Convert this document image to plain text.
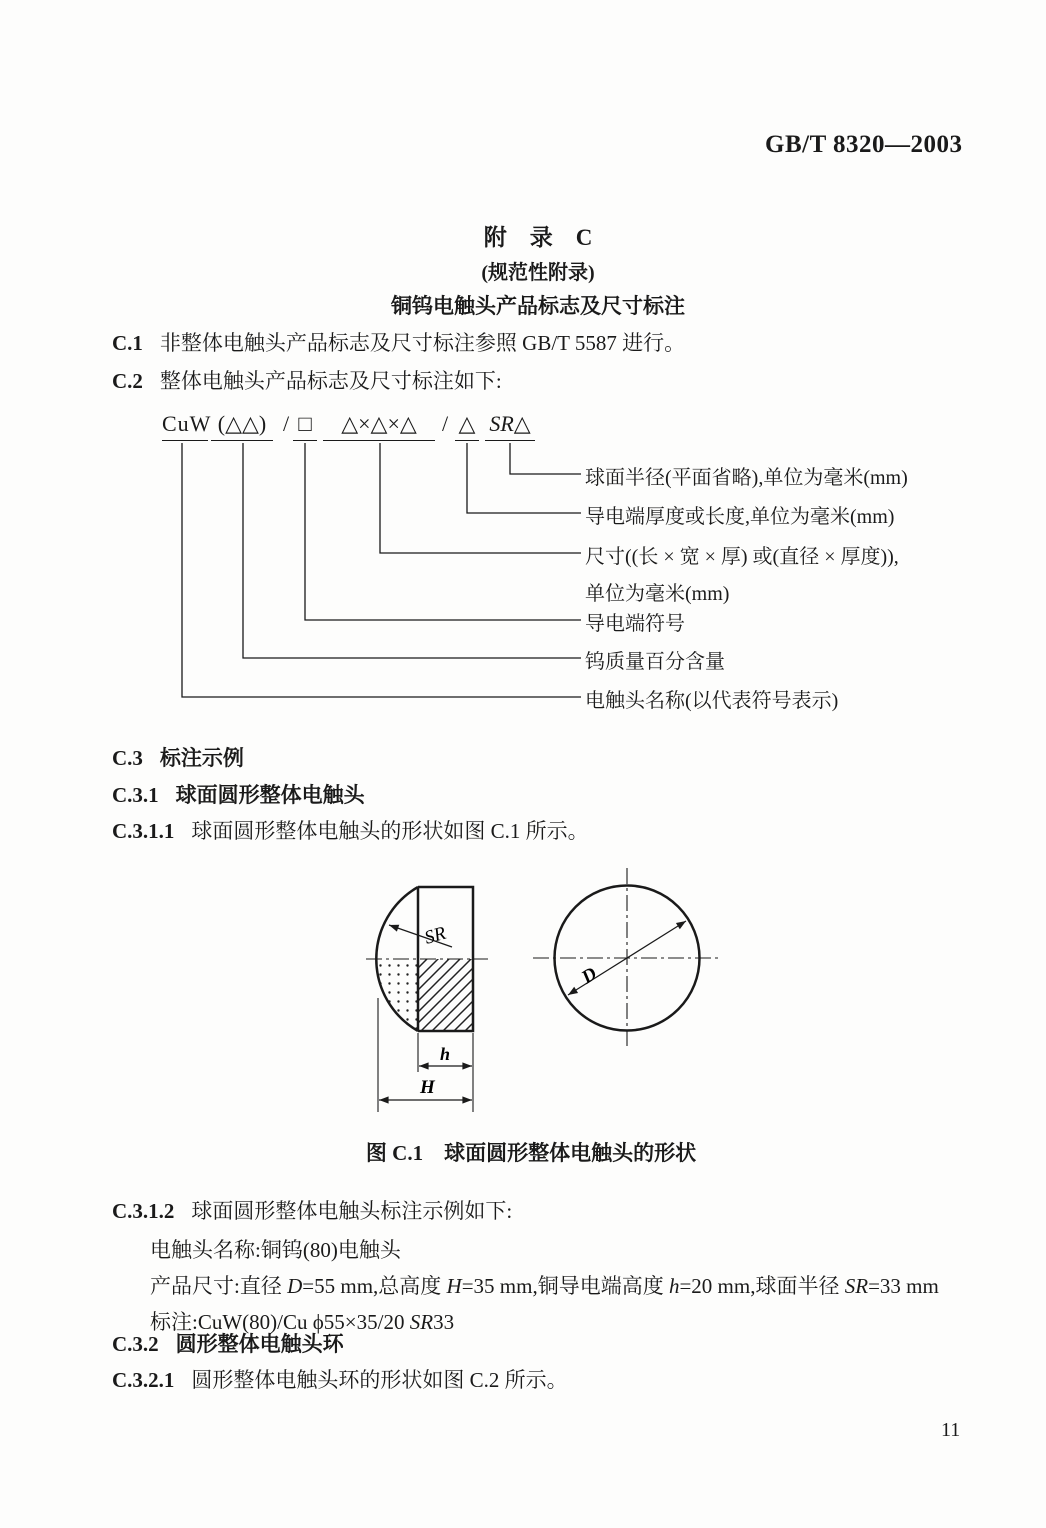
GB/T 8320—2003
附　录　C
(规范性附录)
铜钨电触头产品标志及尺寸标注
C.1 非整体电触头产品标志及尺寸标注参照 GB/T 5587 进行。
C.2 整体电触头产品标志及尺寸标注如下:
CuW (△△) / □	△×△×△	/ △ SR△
球面半径(平面省略),单位为毫米(mm)
导电端厚度或长度,单位为毫米(mm)
尺寸((长 × 宽 × 厚) 或(直径 × 厚度)),
单位为毫米(mm)
导电端符号
钨质量百分含量
电触头名称(以代表符号表示)
C.3 标注示例
C.3.1 球面圆形整体电触头
C.3.1.1 球面圆形整体电触头的形状如图 C.1 所示。
SR
h
H
D
图 C.1　球面圆形整体电触头的形状
C.3.1.2 球面圆形整体电触头标注示例如下:
电触头名称:铜钨(80)电触头
产品尺寸:直径 D=55 mm,总高度 H=35 mm,铜导电端高度 h=20 mm,球面半径 SR=33 mm
标注:CuW(80)/Cu ϕ55×35/20 SR33
C.3.2 圆形整体电触头环
C.3.2.1 圆形整体电触头环的形状如图 C.2 所示。
11
